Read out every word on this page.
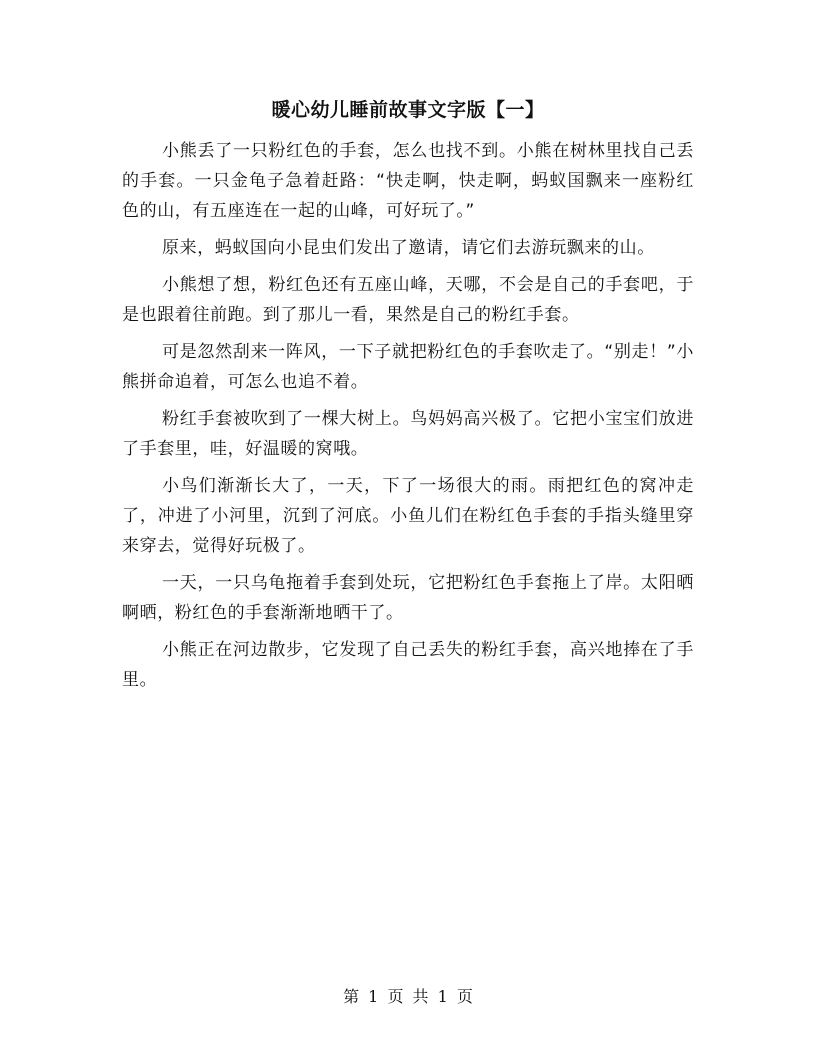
暖心幼儿睡前故事文字版【一】

小熊丢了一只粉红色的手套，怎么也找不到。小熊在树林里找自己丢的手套。一只金龟子急着赶路：“快走啊，快走啊，蚂蚁国飘来一座粉红色的山，有五座连在一起的山峰，可好玩了。”

原来，蚂蚁国向小昆虫们发出了邀请，请它们去游玩飘来的山。

小熊想了想，粉红色还有五座山峰，天哪，不会是自己的手套吧，于是也跟着往前跑。到了那儿一看，果然是自己的粉红手套。

可是忽然刮来一阵风，一下子就把粉红色的手套吹走了。“别走！”小熊拼命追着，可怎么也追不着。

粉红手套被吹到了一棵大树上。鸟妈妈高兴极了。它把小宝宝们放进了手套里，哇，好温暖的窝哦。

小鸟们渐渐长大了，一天，下了一场很大的雨。雨把红色的窝冲走了，冲进了小河里，沉到了河底。小鱼儿们在粉红色手套的手指头缝里穿来穿去，觉得好玩极了。

一天，一只乌龟拖着手套到处玩，它把粉红色手套拖上了岸。太阳晒啊晒，粉红色的手套渐渐地晒干了。

小熊正在河边散步，它发现了自己丢失的粉红手套，高兴地捧在了手里。

第 1 页 共 1 页
